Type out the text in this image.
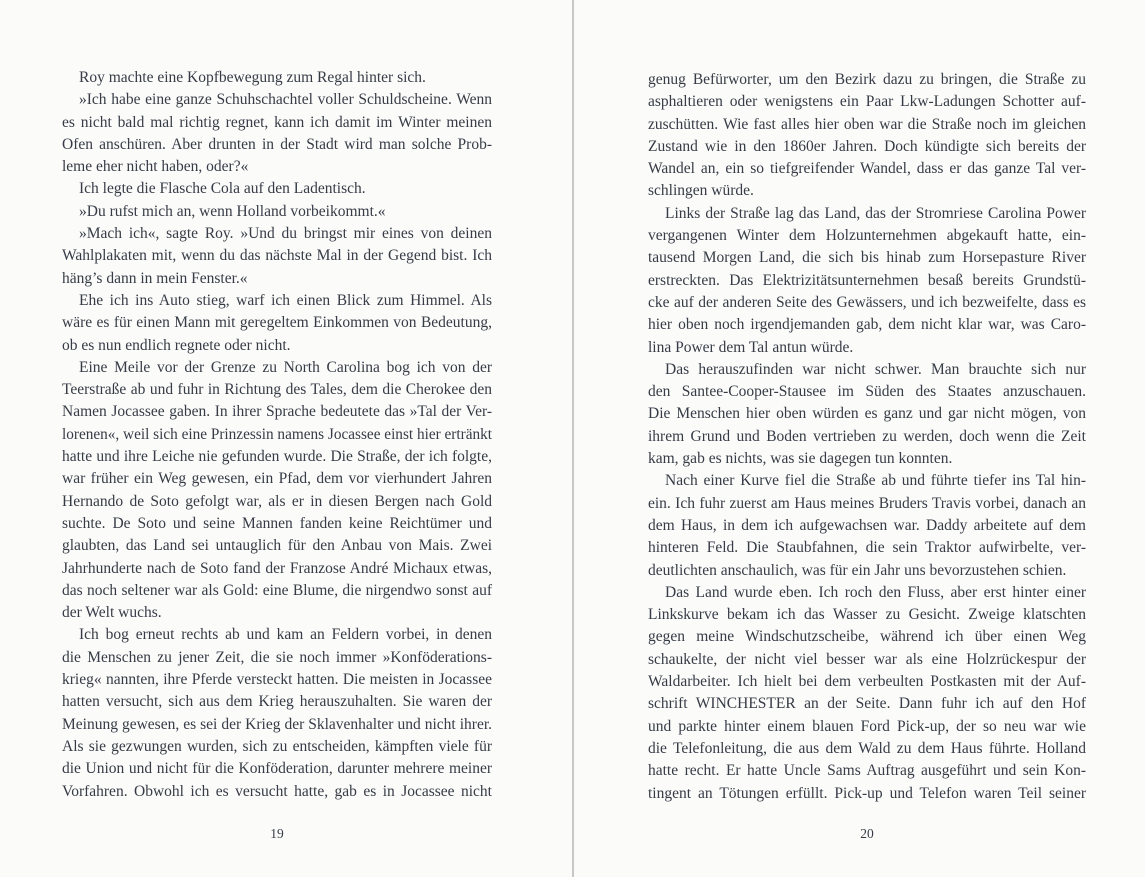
Roy machte eine Kopfbewegung zum Regal hinter sich.
»Ich habe eine ganze Schuhschachtel voller Schuldscheine. Wenn
es nicht bald mal richtig regnet, kann ich damit im Winter meinen
Ofen anschüren. Aber drunten in der Stadt wird man solche Prob-
leme eher nicht haben, oder?«
Ich legte die Flasche Cola auf den Ladentisch.
»Du rufst mich an, wenn Holland vorbeikommt.«
»Mach ich«, sagte Roy. »Und du bringst mir eines von deinen
Wahlplakaten mit, wenn du das nächste Mal in der Gegend bist. Ich
häng’s dann in mein Fenster.«
Ehe ich ins Auto stieg, warf ich einen Blick zum Himmel. Als
wäre es für einen Mann mit geregeltem Einkommen von Bedeutung,
ob es nun endlich regnete oder nicht.
Eine Meile vor der Grenze zu North Carolina bog ich von der
Teerstraße ab und fuhr in Richtung des Tales, dem die Cherokee den
Namen Jocassee gaben. In ihrer Sprache bedeutete das »Tal der Ver-
lorenen«, weil sich eine Prinzessin namens Jocassee einst hier ertränkt
hatte und ihre Leiche nie gefunden wurde. Die Straße, der ich folgte,
war früher ein Weg gewesen, ein Pfad, dem vor vierhundert Jahren
Hernando de Soto gefolgt war, als er in diesen Bergen nach Gold
suchte. De Soto und seine Mannen fanden keine Reichtümer und
glaubten, das Land sei untauglich für den Anbau von Mais. Zwei
Jahrhunderte nach de Soto fand der Franzose André Michaux etwas,
das noch seltener war als Gold: eine Blume, die nirgendwo sonst auf
der Welt wuchs.
Ich bog erneut rechts ab und kam an Feldern vorbei, in denen
die Menschen zu jener Zeit, die sie noch immer »Konföderations-
krieg« nannten, ihre Pferde versteckt hatten. Die meisten in Jocassee
hatten versucht, sich aus dem Krieg herauszuhalten. Sie waren der
Meinung gewesen, es sei der Krieg der Sklavenhalter und nicht ihrer.
Als sie gezwungen wurden, sich zu entscheiden, kämpften viele für
die Union und nicht für die Konföderation, darunter mehrere meiner
Vorfahren. Obwohl ich es versucht hatte, gab es in Jocassee nicht
19
genug Befürworter, um den Bezirk dazu zu bringen, die Straße zu
asphaltieren oder wenigstens ein Paar Lkw-Ladungen Schotter auf-
zuschütten. Wie fast alles hier oben war die Straße noch im gleichen
Zustand wie in den 1860er Jahren. Doch kündigte sich bereits der
Wandel an, ein so tiefgreifender Wandel, dass er das ganze Tal ver-
schlingen würde.
Links der Straße lag das Land, das der Stromriese Carolina Power
vergangenen Winter dem Holzunternehmen abgekauft hatte, ein-
tausend Morgen Land, die sich bis hinab zum Horsepasture River
erstreckten. Das Elektrizitätsunternehmen besaß bereits Grundstü-
cke auf der anderen Seite des Gewässers, und ich bezweifelte, dass es
hier oben noch irgendjemanden gab, dem nicht klar war, was Caro-
lina Power dem Tal antun würde.
Das herauszufinden war nicht schwer. Man brauchte sich nur
den Santee-Cooper-Stausee im Süden des Staates anzuschauen.
Die Menschen hier oben würden es ganz und gar nicht mögen, von
ihrem Grund und Boden vertrieben zu werden, doch wenn die Zeit
kam, gab es nichts, was sie dagegen tun konnten.
Nach einer Kurve fiel die Straße ab und führte tiefer ins Tal hin-
ein. Ich fuhr zuerst am Haus meines Bruders Travis vorbei, danach an
dem Haus, in dem ich aufgewachsen war. Daddy arbeitete auf dem
hinteren Feld. Die Staubfahnen, die sein Traktor aufwirbelte, ver-
deutlichten anschaulich, was für ein Jahr uns bevorzustehen schien.
Das Land wurde eben. Ich roch den Fluss, aber erst hinter einer
Linkskurve bekam ich das Wasser zu Gesicht. Zweige klatschten
gegen meine Windschutzscheibe, während ich über einen Weg
schaukelte, der nicht viel besser war als eine Holzrückespur der
Waldarbeiter. Ich hielt bei dem verbeulten Postkasten mit der Auf-
schrift WINCHESTER an der Seite. Dann fuhr ich auf den Hof
und parkte hinter einem blauen Ford Pick-up, der so neu war wie
die Telefonleitung, die aus dem Wald zu dem Haus führte. Holland
hatte recht. Er hatte Uncle Sams Auftrag ausgeführt und sein Kon-
tingent an Tötungen erfüllt. Pick-up und Telefon waren Teil seiner
20
